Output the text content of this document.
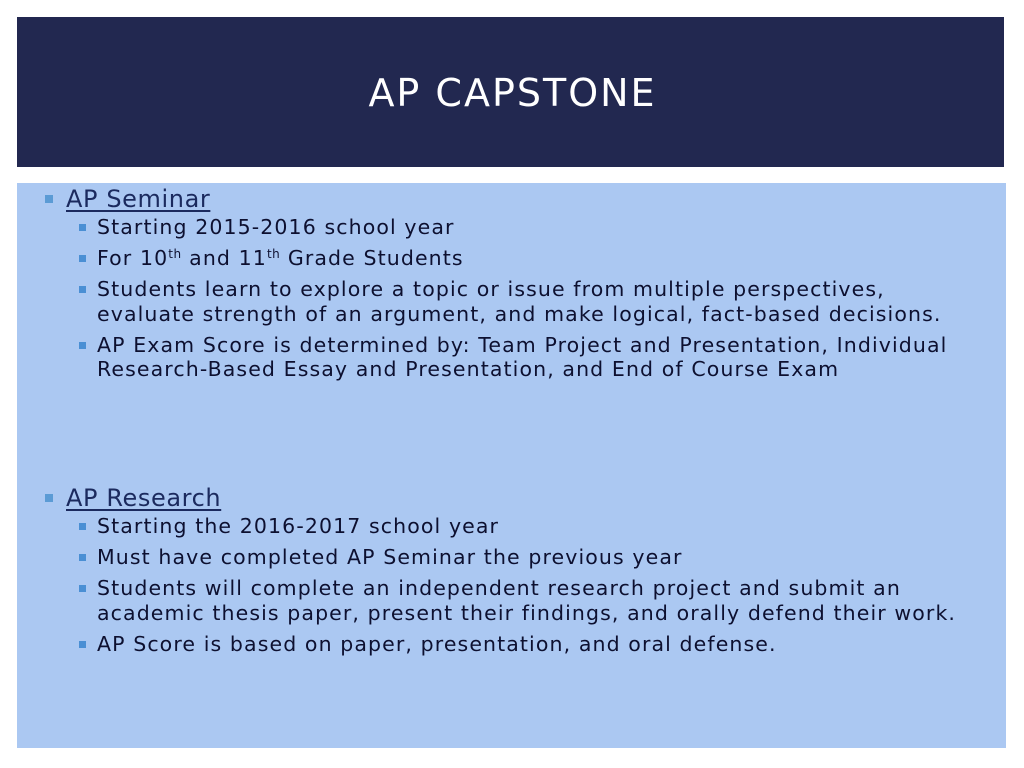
AP CAPSTONE
AP Seminar
Starting 2015-2016 school year
For 10th and 11th Grade Students
Students learn to explore a topic or issue from multiple perspectives, evaluate strength of an argument, and make logical, fact-based decisions.
AP Exam Score is determined by: Team Project and Presentation, Individual Research-Based Essay and Presentation, and End of Course Exam
AP Research
Starting the 2016-2017 school year
Must have completed AP Seminar the previous year
Students will complete an independent research project and submit an academic thesis paper, present their findings, and orally defend their work.
AP Score is based on paper, presentation, and oral defense.
